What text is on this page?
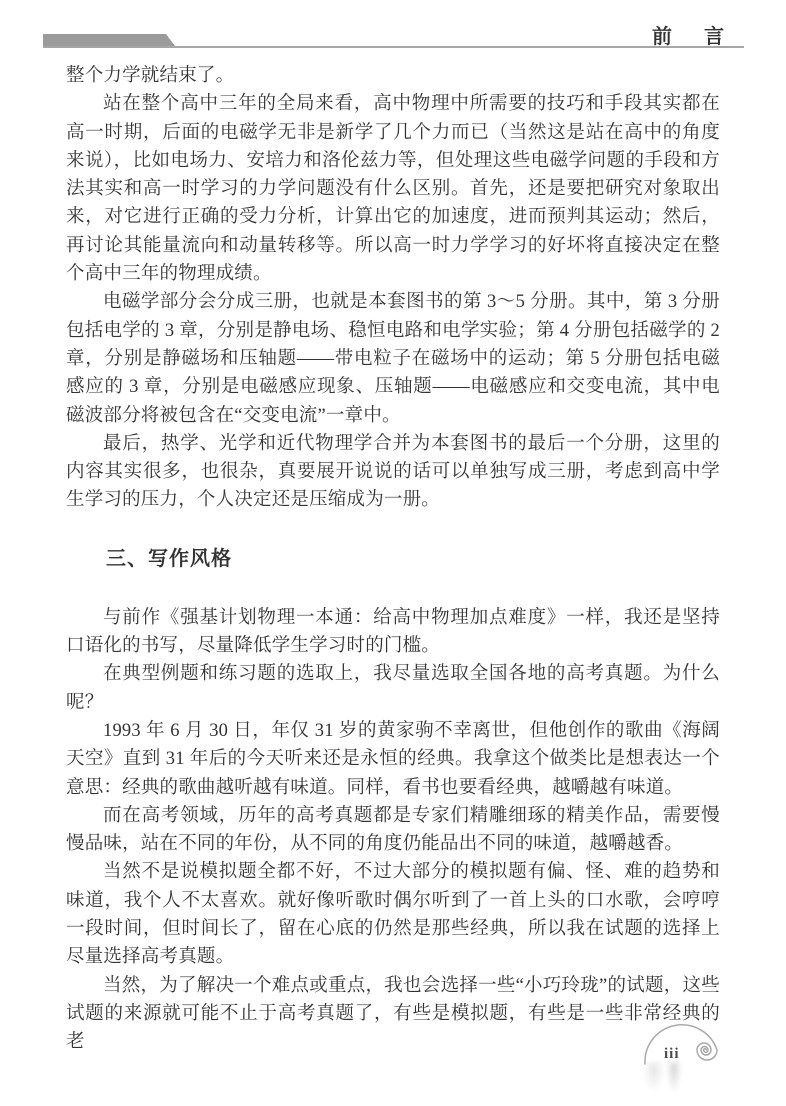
前　言

整个力学就结束了。

站在整个高中三年的全局来看，高中物理中所需要的技巧和手段其实都在高一时期，后面的电磁学无非是新学了几个力而已（当然这是站在高中的角度来说），比如电场力、安培力和洛伦兹力等，但处理这些电磁学问题的手段和方法其实和高一时学习的力学问题没有什么区别。首先，还是要把研究对象取出来，对它进行正确的受力分析，计算出它的加速度，进而预判其运动；然后，再讨论其能量流向和动量转移等。所以高一时力学学习的好坏将直接决定在整个高中三年的物理成绩。

电磁学部分会分成三册，也就是本套图书的第 3～5 分册。其中，第 3 分册包括电学的 3 章，分别是静电场、稳恒电路和电学实验；第 4 分册包括磁学的 2 章，分别是静磁场和压轴题——带电粒子在磁场中的运动；第 5 分册包括电磁感应的 3 章，分别是电磁感应现象、压轴题——电磁感应和交变电流，其中电磁波部分将被包含在“交变电流”一章中。

最后，热学、光学和近代物理学合并为本套图书的最后一个分册，这里的内容其实很多，也很杂，真要展开说说的话可以单独写成三册，考虑到高中学生学习的压力，个人决定还是压缩成为一册。

三、写作风格

与前作《强基计划物理一本通：给高中物理加点难度》一样，我还是坚持口语化的书写，尽量降低学生学习时的门槛。

在典型例题和练习题的选取上，我尽量选取全国各地的高考真题。为什么呢？

1993 年 6 月 30 日，年仅 31 岁的黄家驹不幸离世，但他创作的歌曲《海阔天空》直到 31 年后的今天听来还是永恒的经典。我拿这个做类比是想表达一个意思：经典的歌曲越听越有味道。同样，看书也要看经典，越嚼越有味道。

而在高考领域，历年的高考真题都是专家们精雕细琢的精美作品，需要慢慢品味，站在不同的年份，从不同的角度仍能品出不同的味道，越嚼越香。

当然不是说模拟题全都不好，不过大部分的模拟题有偏、怪、难的趋势和味道，我个人不太喜欢。就好像听歌时偶尔听到了一首上头的口水歌，会哼哼一段时间，但时间长了，留在心底的仍然是那些经典，所以我在试题的选择上尽量选择高考真题。

当然，为了解决一个难点或重点，我也会选择一些“小巧玲珑”的试题，这些试题的来源就可能不止于高考真题了，有些是模拟题，有些是一些非常经典的老

iii
